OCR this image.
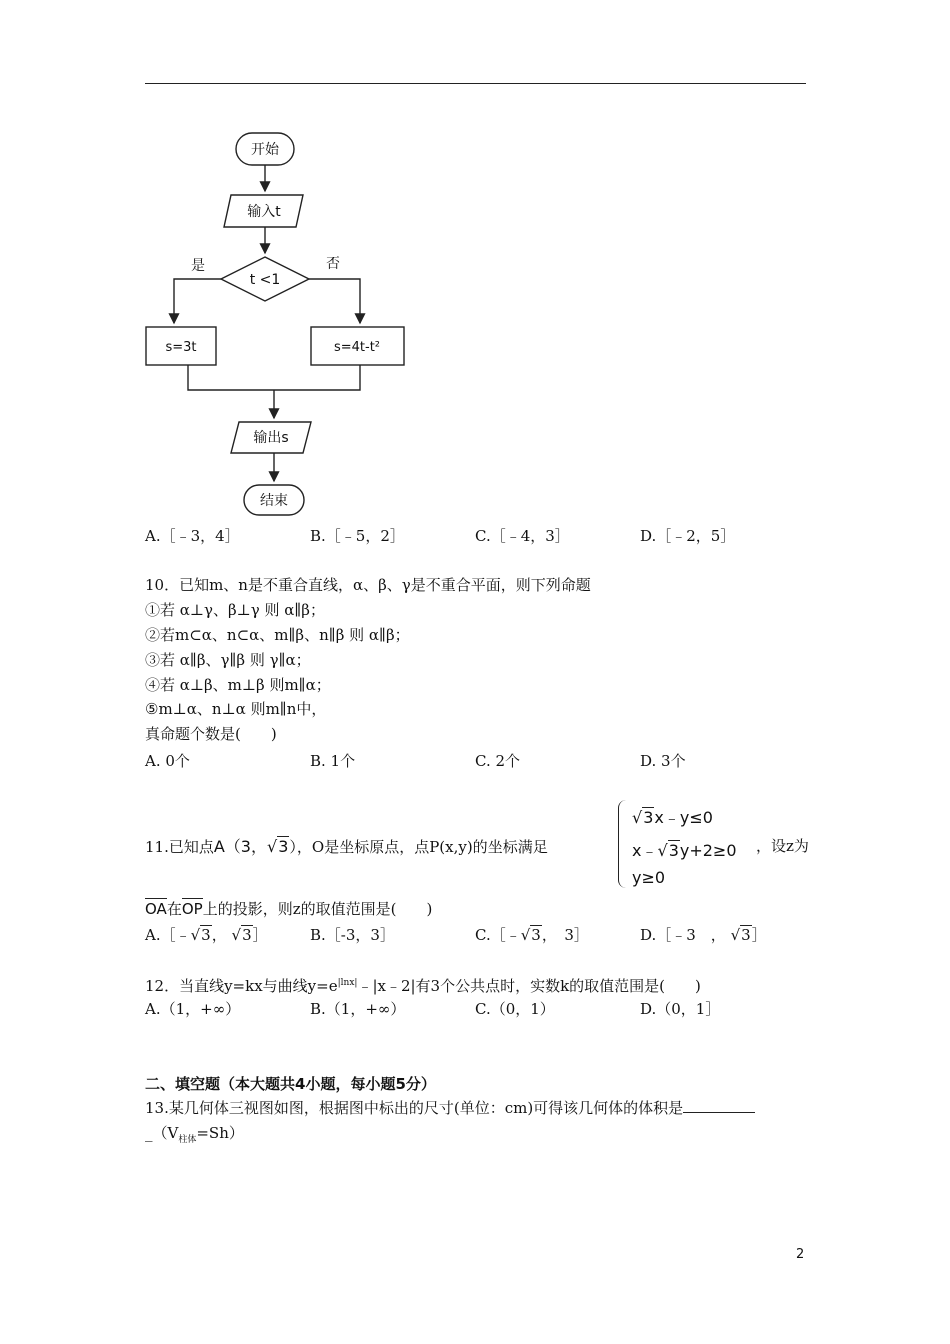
开始
输入t
t <1
是	否
s=3t	s=4t-t²
输出s
结束
A.［﹣3，4］	B.［﹣5，2］	C.［﹣4，3］	D.［﹣2，5］
10．已知m、n是不重合直线，α、β、γ是不重合平面，则下列命题
①若 α⊥γ、β⊥γ 则 α∥β；
②若m⊂α、n⊂α、m∥β、n∥β 则 α∥β；
③若 α∥β、γ∥β 则 γ∥α；
④若 α⊥β、m⊥β 则m∥α；
⑤m⊥α、n⊥α 则m∥n中，
真命题个数是(　　)
A. 0个	B. 1个	C. 2个	D. 3个
11.已知点A（3，√3），O是坐标原点，点P(x,y)的坐标满足
√3x﹣y≤0
x﹣√3y+2≥0
y≥0
，设z为
OA在OP上的投影，则z的取值范围是(　　)
A.［﹣√3， √3］	B.［-3，3］	C.［﹣√3，　3］	D.［﹣3　， √3］
12．当直线y=kx与曲线$y=e^{|lnx|}﹣|x﹣2|$有3个公共点时，实数k的取值范围是(　　)
A.（1，+∞）	B.（1，+∞）	C.（0，1）	D.（0，1］
二、填空题（本大题共4小题，每小题5分）
13.某几何体三视图如图，根据图中标出的尺寸(单位：cm)可得该几何体的体积是
$\_(V_{柱体}=Sh)$
2
